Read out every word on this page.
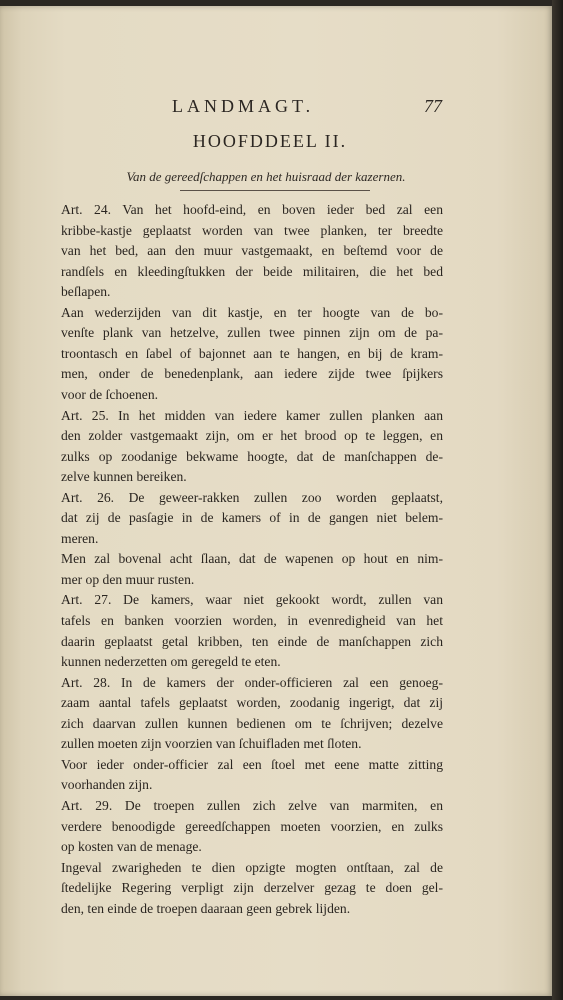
LANDMAGT.	77
HOOFDDEEL II.
Van de gereedſchappen en het huisraad der kazernen.
Art. 24. Van het hoofd-eind, en boven ieder bed zal een
kribbe-kastje geplaatst worden van twee planken, ter breedte
van het bed, aan den muur vastgemaakt, en beſtemd voor de
randſels en kleedingſtukken der beide militairen, die het bed
beſlapen.
Aan wederzijden van dit kastje, en ter hoogte van de bo-
venſte plank van hetzelve, zullen twee pinnen zijn om de pa-
troontasch en ſabel of bajonnet aan te hangen, en bij de kram-
men, onder de benedenplank, aan iedere zijde twee ſpijkers
voor de ſchoenen.
Art. 25. In het midden van iedere kamer zullen planken aan
den zolder vastgemaakt zijn, om er het brood op te leggen, en
zulks op zoodanige bekwame hoogte, dat de manſchappen de-
zelve kunnen bereiken.
Art. 26. De geweer-rakken zullen zoo worden geplaatst,
dat zij de pasſagie in de kamers of in de gangen niet belem-
meren.
Men zal bovenal acht ſlaan, dat de wapenen op hout en nim-
mer op den muur rusten.
Art. 27. De kamers, waar niet gekookt wordt, zullen van
tafels en banken voorzien worden, in evenredigheid van het
daarin geplaatst getal kribben, ten einde de manſchappen zich
kunnen nederzetten om geregeld te eten.
Art. 28. In de kamers der onder-officieren zal een genoeg-
zaam aantal tafels geplaatst worden, zoodanig ingerigt, dat zij
zich daarvan zullen kunnen bedienen om te ſchrijven; dezelve
zullen moeten zijn voorzien van ſchuifladen met ſloten.
Voor ieder onder-officier zal een ſtoel met eene matte zitting
voorhanden zijn.
Art. 29. De troepen zullen zich zelve van marmiten, en
verdere benoodigde gereedſchappen moeten voorzien, en zulks
op kosten van de menage.
Ingeval zwarigheden te dien opzigte mogten ontſtaan, zal de
ſtedelijke Regering verpligt zijn derzelver gezag te doen gel-
den, ten einde de troepen daaraan geen gebrek lijden.
